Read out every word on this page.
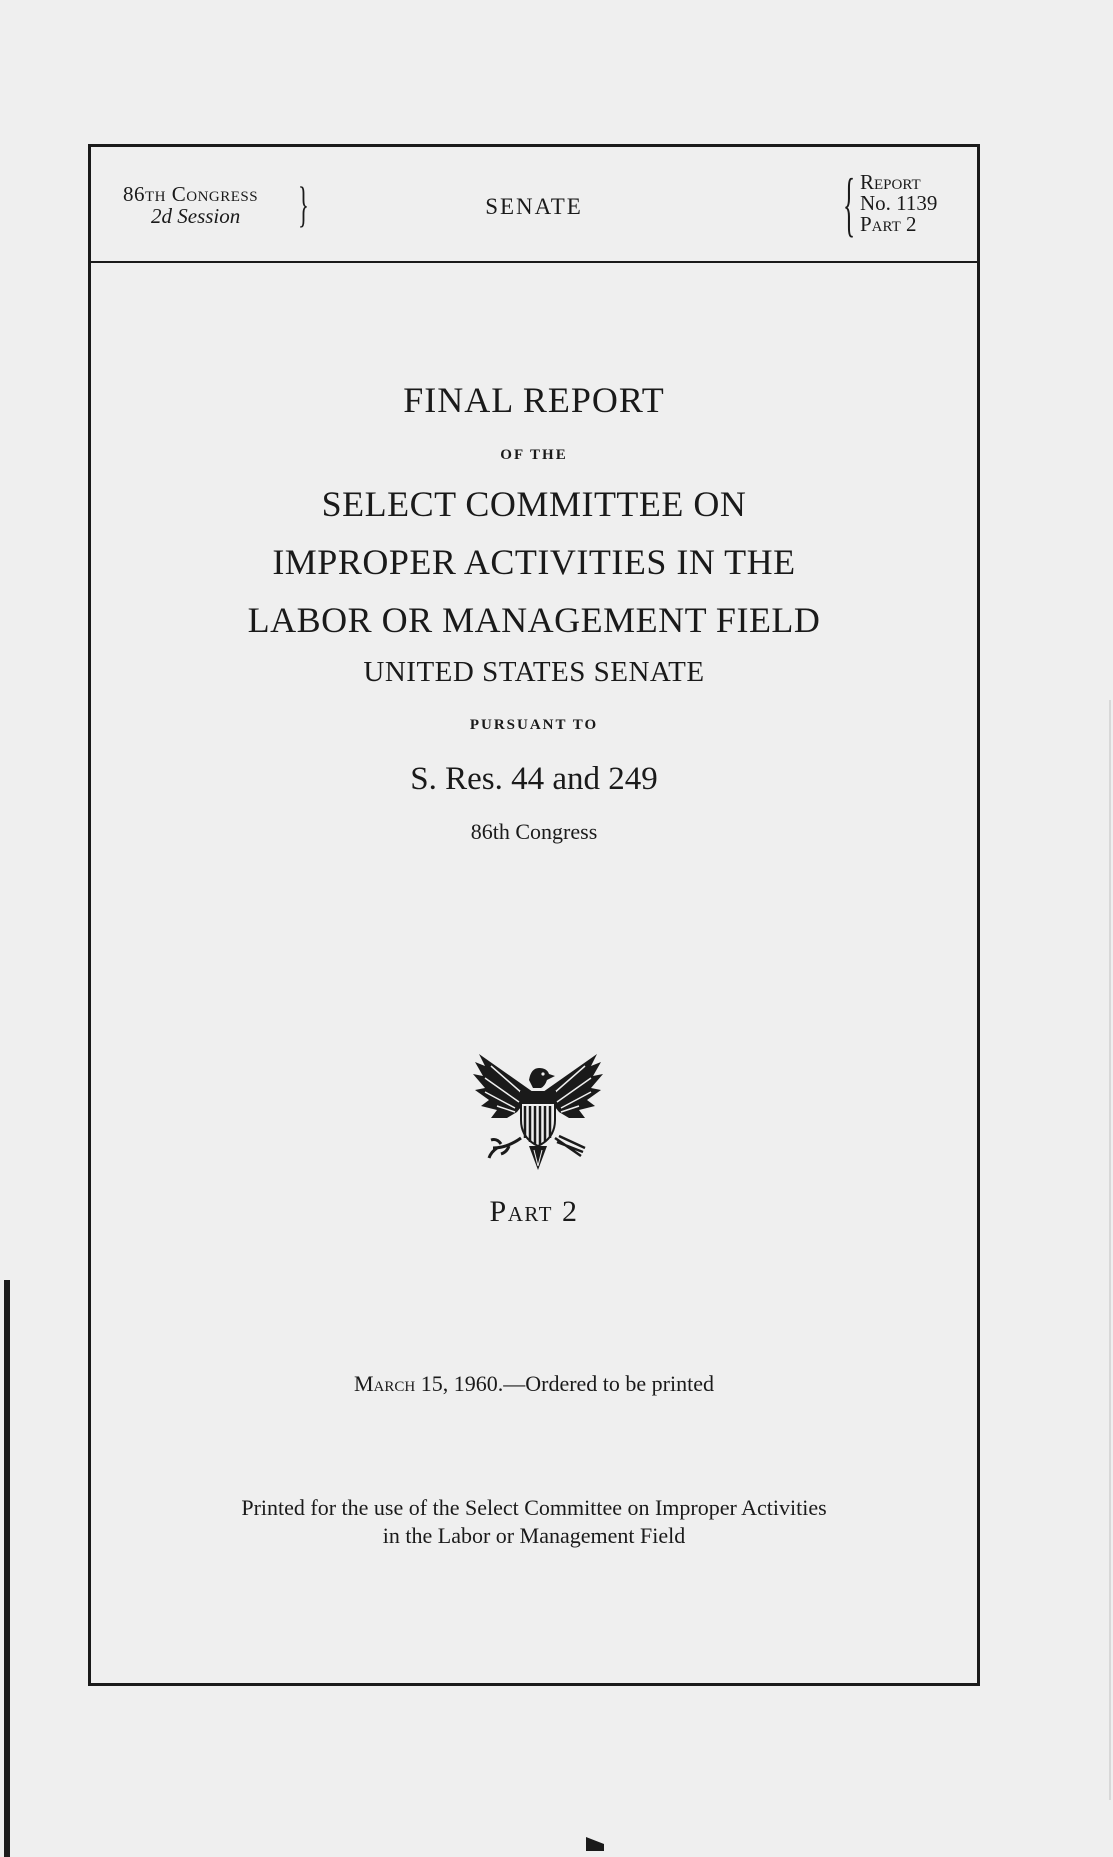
86th Congress
2d Session	}	SENATE	{ Report
No. 1139
Part 2
FINAL REPORT
OF THE
SELECT COMMITTEE ON
IMPROPER ACTIVITIES IN THE
LABOR OR MANAGEMENT FIELD
UNITED STATES SENATE
PURSUANT TO
S. Res. 44 and 249
86th Congress
Part 2
March 15, 1960.—Ordered to be printed
Printed for the use of the Select Committee on Improper Activities
in the Labor or Management Field
